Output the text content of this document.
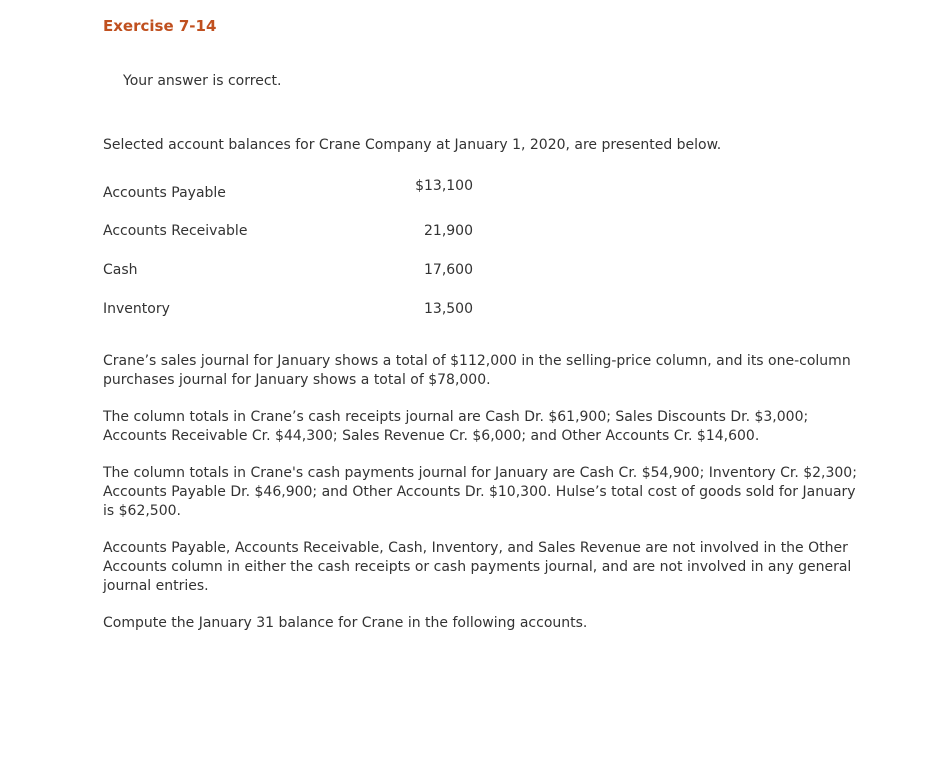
Exercise 7-14
Your answer is correct.

Selected account balances for Crane Company at January 1, 2020, are presented below.

Accounts Payable	$13,100
Accounts Receivable	21,900
Cash	17,600
Inventory	13,500

Crane’s sales journal for January shows a total of $112,000 in the selling-price column, and its one-column purchases journal for January shows a total of $78,000.

The column totals in Crane’s cash receipts journal are Cash Dr. $61,900; Sales Discounts Dr. $3,000; Accounts Receivable Cr. $44,300; Sales Revenue Cr. $6,000; and Other Accounts Cr. $14,600.

The column totals in Crane's cash payments journal for January are Cash Cr. $54,900; Inventory Cr. $2,300; Accounts Payable Dr. $46,900; and Other Accounts Dr. $10,300. Hulse’s total cost of goods sold for January is $62,500.

Accounts Payable, Accounts Receivable, Cash, Inventory, and Sales Revenue are not involved in the Other Accounts column in either the cash receipts or cash payments journal, and are not involved in any general journal entries.

Compute the January 31 balance for Crane in the following accounts.
